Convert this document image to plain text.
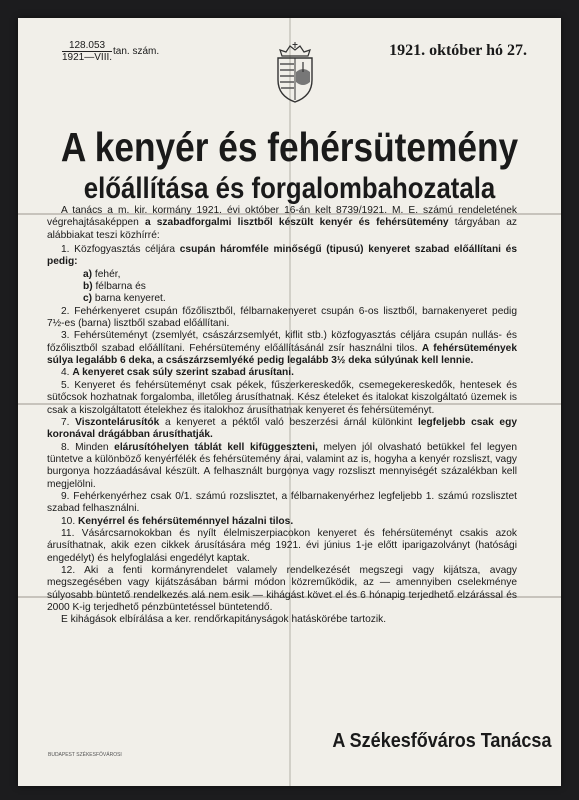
128.053
1921—VIII.
tan. szám.	1921. október hó 27.
A kenyér és fehérsütemény
előállítása és forgalombahozatala

A tanács a m. kir. kormány 1921. évi október 16-án kelt 8739/1921. M. E. számú rendeletének végrehajtásaképpen a szabadforgalmi lisztből készült kenyér és fehérsütemény tárgyában az alábbiakat teszi közhírré:

1. Közfogyasztás céljára csupán háromféle minőségű (tipusú) kenyeret szabad előállítani és pedig:

a) fehér,
b) félbarna és
c) barna kenyeret.

2. Fehérkenyeret csupán főzőlisztből, félbarnakenyeret csupán 6-os lisztből, barnakenyeret pedig 7½-es (barna) lisztből szabad előállítani.

3. Fehérsüteményt (zsemlyét, császárzsemlyét, kiflit stb.) közfogyasztás céljára csupán nullás- és főzőlisztből szabad előállítani. Fehérsütemény előállításánál zsír használni tilos. A fehérsütemények súlya legalább 6 deka, a császárzsemlyéké pedig legalább 3½ deka súlyúnak kell lennie.

4. A kenyeret csak súly szerint szabad árusítani.

5. Kenyeret és fehérsüteményt csak pékek, fűszerkereskedők, csemegekereskedők, hentesek és sütőcsok hozhatnak forgalomba, illetőleg árusíthatnak. Kész ételeket és italokat kiszolgáltató üzemek is csak a kiszolgáltatott ételekhez és italokhoz árusíthatnak kenyeret és fehérsüteményt.

7. Viszontelárusítók a kenyeret a péktől való beszerzési árnál különkint legfeljebb csak egy koronával drágábban árusíthatják.

8. Minden elárusítóhelyen táblát kell kifüggeszteni, melyen jól olvasható betükkel fel legyen tüntetve a különböző kenyérfélék és fehérsütemény árai, valamint az is, hogyha a kenyér rozsliszt, vagy burgonya hozzáadásával készült. A felhasznált burgonya vagy rozsliszt mennyiségét százalékban kell megjelölni.

9. Fehérkenyérhez csak 0/1. számú rozslisztet, a félbarnakenyérhez legfeljebb 1. számú rozslisztet szabad felhasználni.

10. Kenyérrel és fehérsüteménnyel házalni tilos.

11. Vásárcsarnokokban és nyílt élelmiszerpiacokon kenyeret és fehérsüteményt csakis azok árusíthatnak, akik ezen cikkek árusítására még 1921. évi június 1-je előtt iparigazolványt (hatósági engedélyt) és helyfoglalási engedélyt kaptak.

12. Aki a fenti kormányrendelet valamely rendelkezését megszegi vagy kijátsza, avagy megszegésében vagy kijátszásában bármi módon közreműködik, az — amennyiben cselekménye súlyosabb büntető rendelkezés alá nem esik — kihágást követ el és 6 hónapig terjedhető elzárással és 2000 K-ig terjedhető pénzbüntetéssel büntetendő.

E kihágások elbírálása a ker. rendőrkapitányságok hatáskörébe tartozik.

A Székesfőváros Tanácsa
BUDAPEST SZÉKESFŐVÁROSI
